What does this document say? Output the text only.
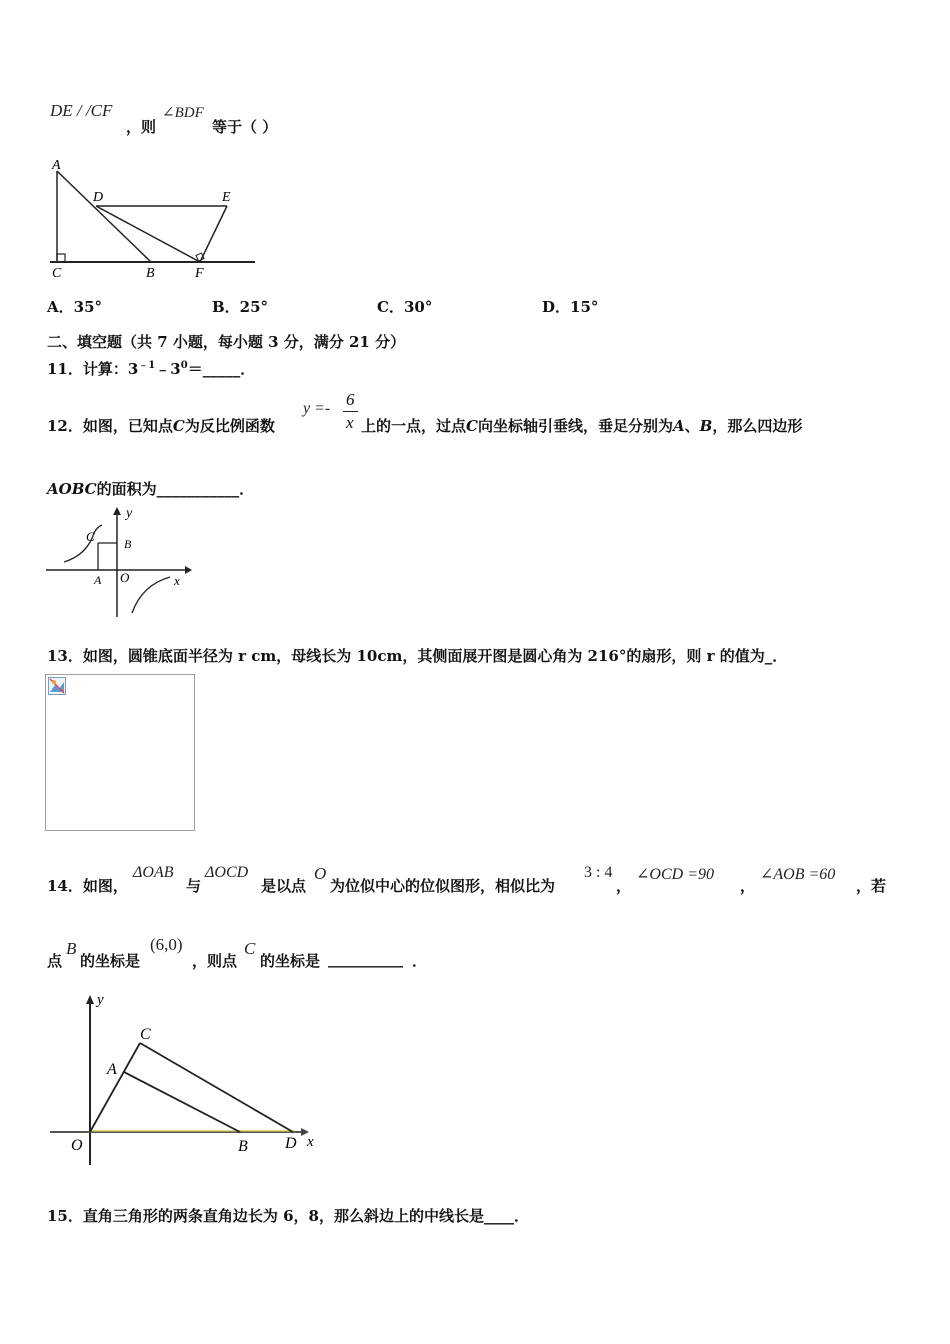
DE / /CF
，则
∠BDF
等于（ ）
A
D	E
C	B	F
A．35°	B．25°	C．30°	D．15°
二、填空题（共 7 小题，每小题 3 分，满分 21 分）
11．计算：$3^{﹣1}﹣3^0=\_\_\_\_\_$．
12．如图，已知点C为反比例函数
y =- 6
x 上的一点，过点C向坐标轴引垂线，垂足分别为A、B，那么四边形
AOBC的面积为___________．
y
C B
A O	x
13．如图，圆锥底面半径为 r cm，母线长为 10cm，其侧面展开图是圆心角为 216°的扇形，则 r 的值为_．
14．如图，
ΔOAB
与
ΔOCD
是以点
O
为位似中心的位似图形，相似比为
3 : 4
，
∠OCD =90
，
∠AOB =60
，若
点
B
的坐标是
(6,0)
，则点
C
的坐标是 __________ ．
y
C
A
O	B D x
15．直角三角形的两条直角边长为 6，8，那么斜边上的中线长是____．
